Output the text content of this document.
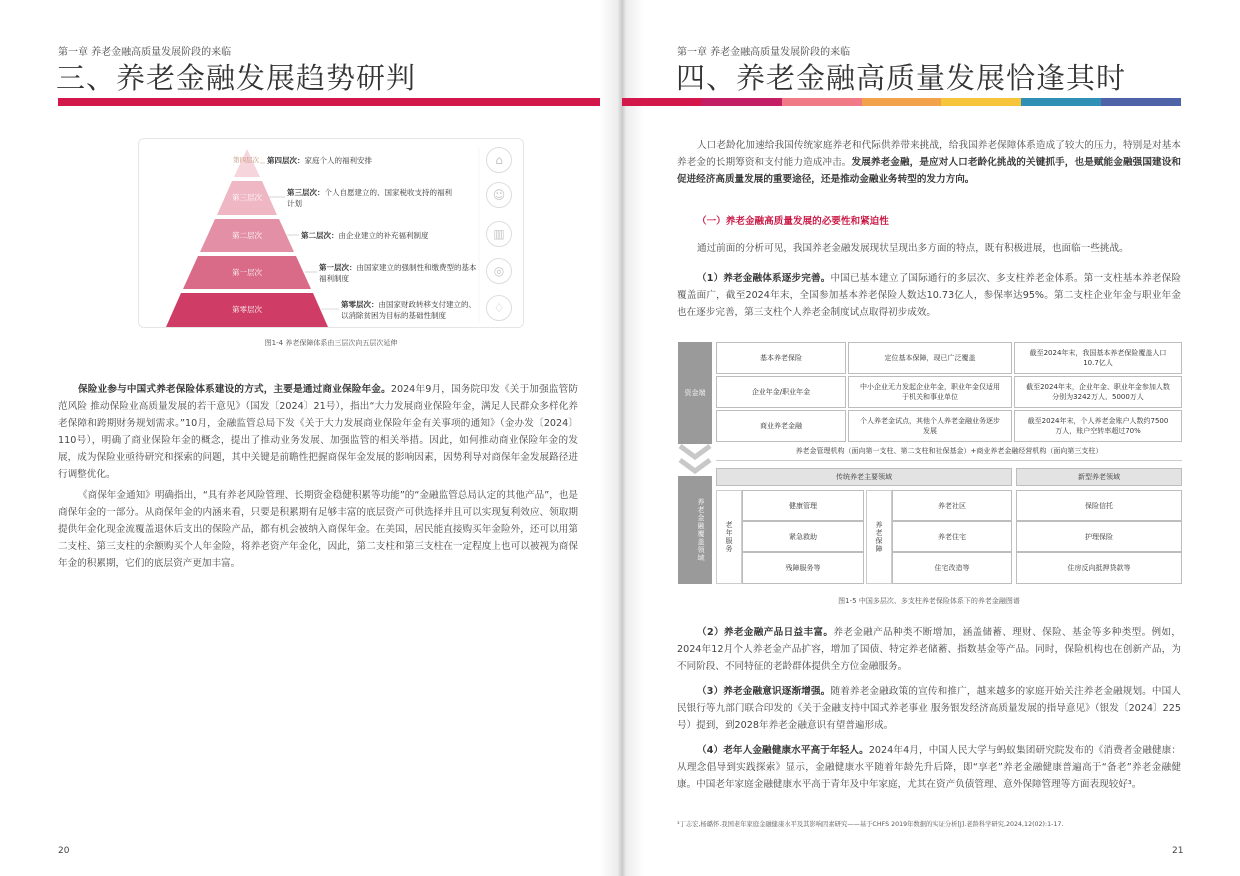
第一章 养老金融高质量发展阶段的来临
三、养老金融发展趋势研判
第四层次
第三层次
第二层次
第一层次
第零层次
第四层次：家庭个人的福利安排
第三层次：个人自愿建立的、国家税收支持的福利计划
第二层次：由企业建立的补充福利制度
第一层次：由国家建立的强制性和缴费型的基本福利制度
第零层次：由国家财政转移支付建立的、以消除贫困为目标的基础性制度
⌂
☺
▥
◎
♢
图1-4 养老保障体系由三层次向五层次延伸

保险业参与中国式养老保险体系建设的方式，主要是通过商业保险年金。2024年9月，国务院印发《关于加强监管防范风险 推动保险业高质量发展的若干意见》（国发〔2024〕21号），指出“大力发展商业保险年金，满足人民群众多样化养老保障和跨期财务规划需求。”10月，金融监管总局下发《关于大力发展商业保险年金有关事项的通知》（金办发〔2024〕110号），明确了商业保险年金的概念，提出了推动业务发展、加强监管的相关举措。因此，如何推动商业保险年金的发展，成为保险业亟待研究和探索的问题，其中关键是前瞻性把握商保年金发展的影响因素，因势利导对商保年金发展路径进行调整优化。

《商保年金通知》明确指出，“具有养老风险管理、长期资金稳健积累等功能”的“金融监管总局认定的其他产品”，也是商保年金的一部分。从商保年金的内涵来看，只要是积累期有足够丰富的底层资产可供选择并且可以实现复利效应、领取期提供年金化现金流覆盖退休后支出的保险产品，都有机会被纳入商保年金。在美国，居民能直接购买年金险外，还可以用第二支柱、第三支柱的余额购买个人年金险，将养老资产年金化，因此，第二支柱和第三支柱在一定程度上也可以被视为商保年金的积累期，它们的底层资产更加丰富。

20
第一章 养老金融高质量发展阶段的来临
四、养老金融高质量发展恰逢其时

人口老龄化加速给我国传统家庭养老和代际供养带来挑战，给我国养老保障体系造成了较大的压力，特别是对基本养老金的长期筹资和支付能力造成冲击。发展养老金融，是应对人口老龄化挑战的关键抓手，也是赋能金融强国建设和促进经济高质量发展的重要途径，还是推动金融业务转型的发力方向。

（一）养老金融高质量发展的必要性和紧迫性

通过前面的分析可见，我国养老金融发展现状呈现出多方面的特点，既有积极进展，也面临一些挑战。

（1）养老金融体系逐步完善。中国已基本建立了国际通行的多层次、多支柱养老金体系。第一支柱基本养老保险覆盖面广，截至2024年末，全国参加基本养老保险人数达10.73亿人，参保率达95%。第二支柱企业年金与职业年金也在逐步完善，第三支柱个人养老金制度试点取得初步成效。

资金端
养老金融覆盖领域
基本养老保险	定位基本保障，现已广泛覆盖
截至2024年末，我国基本养老保险覆盖人口10.7亿人
企业年金/职业年金
中小企业无力发起企业年金，职业年金仅适用于机关和事业单位
截至2024年末，企业年金、职业年金参加人数分别为3242万人、5000万人
商业养老金融
个人养老金试点，其他个人养老金融业务逐步发展
截至2024年末，个人养老金账户人数约7500万人，账户空转率超过70%
养老金管理机构（面向第一支柱、第二支柱和社保基金）+商业养老金融经营机构（面向第三支柱）
传统养老主要领域	新型养老领域
老年服务
健康管理
紧急救助
残障服务等
养老保障
养老社区
养老住宅
住宅改造等
保险信托
护理保险
住房反向抵押贷款等
图1-5 中国多层次、多支柱养老保险体系下的养老金融图谱

（2）养老金融产品日益丰富。养老金融产品种类不断增加，涵盖储蓄、理财、保险、基金等多种类型。例如，2024年12月个人养老金产品扩容，增加了国债、特定养老储蓄、指数基金等产品。同时，保险机构也在创新产品，为不同阶段、不同特征的老龄群体提供全方位金融服务。

（3）养老金融意识逐渐增强。随着养老金融政策的宣传和推广，越来越多的家庭开始关注养老金融规划。中国人民银行等九部门联合印发的《关于金融支持中国式养老事业 服务银发经济高质量发展的指导意见》（银发〔2024〕225号）提到，到2028年养老金融意识有望普遍形成。

（4）老年人金融健康水平高于年轻人。2024年4月，中国人民大学与蚂蚁集团研究院发布的《消费者金融健康：从理念倡导到实践探索》显示，金融健康水平随着年龄先升后降，即“享老”养老金融健康普遍高于“备老”养老金融健康。中国老年家庭金融健康水平高于青年及中年家庭，尤其在资产负债管理、意外保障管理等方面表现较好³。

³丁志宏,杨璐怀.我国老年家庭金融健康水平及其影响因素研究——基于CHFS 2019年数据的实证分析[J].老龄科学研究,2024,12(02):1-17.
21
